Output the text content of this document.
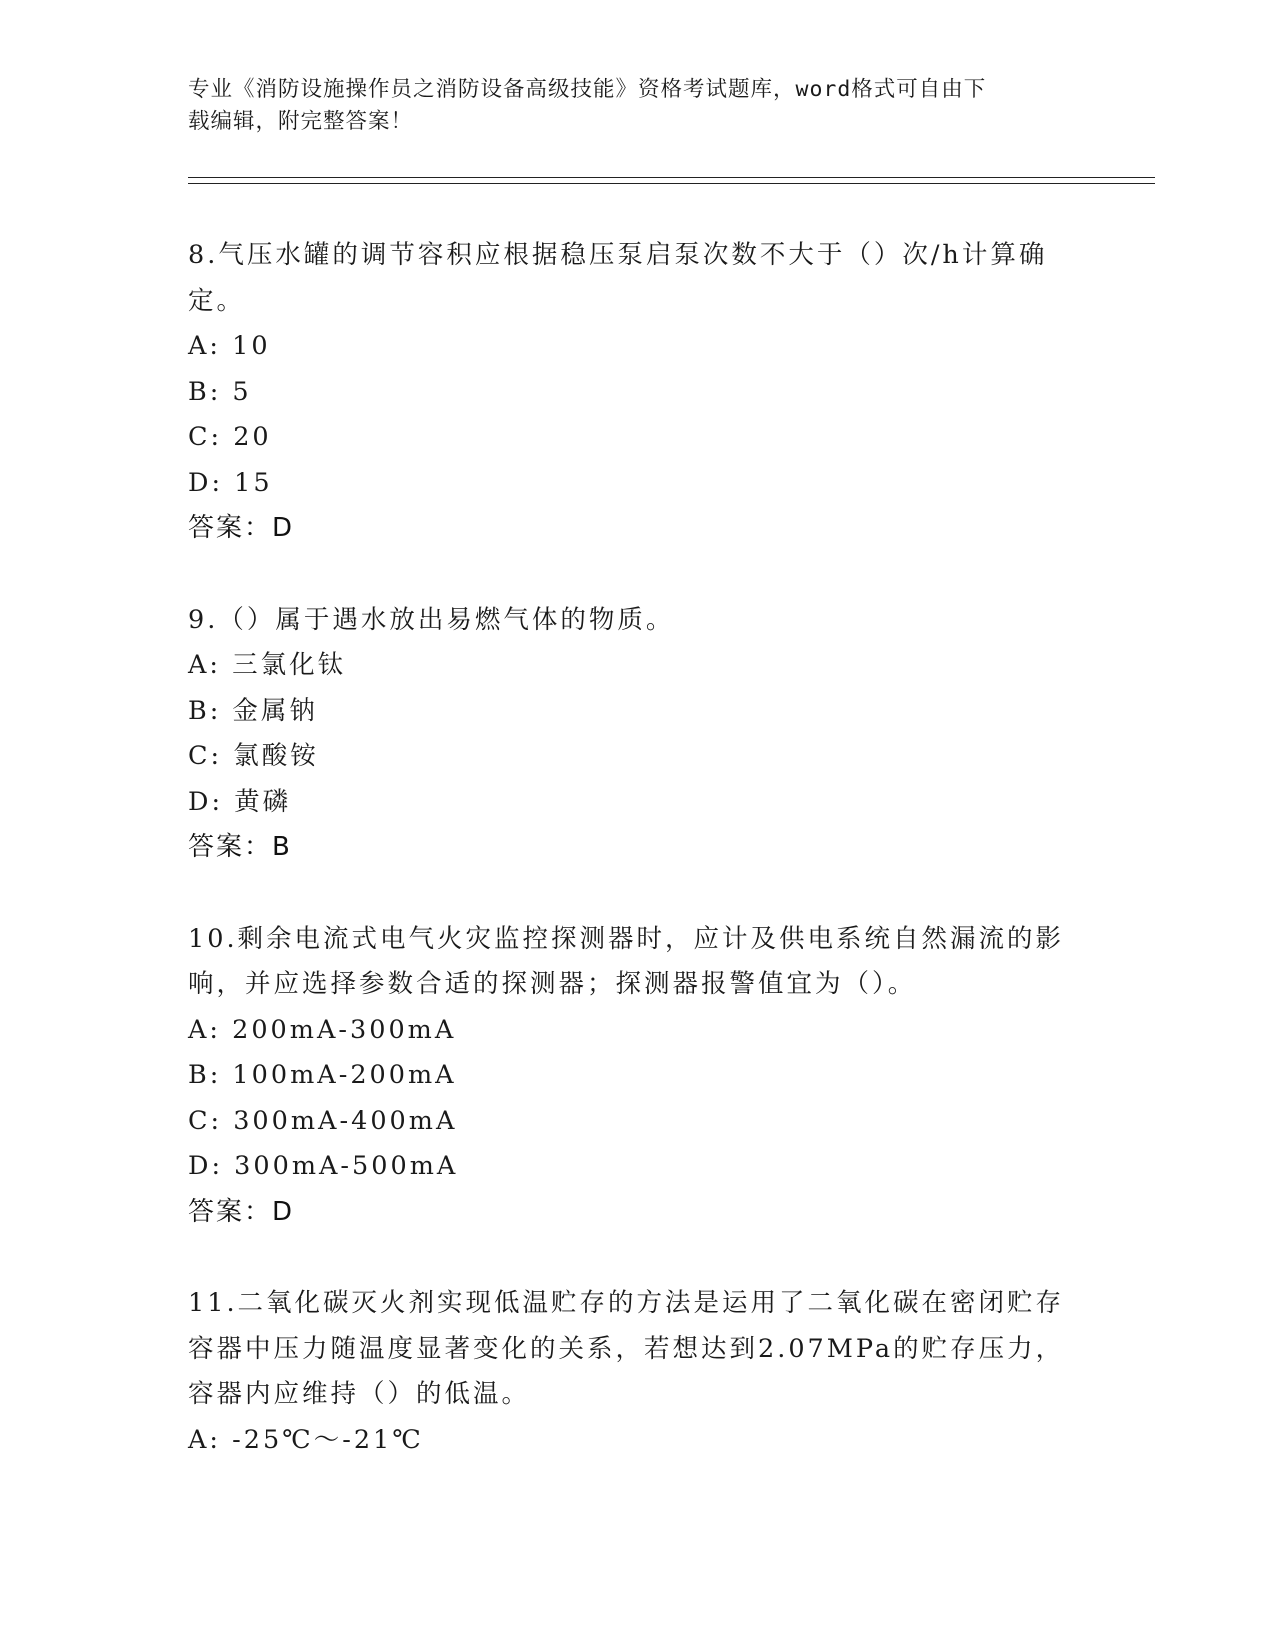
专业《消防设施操作员之消防设备高级技能》资格考试题库，word格式可自由下
载编辑，附完整答案！

8.气压水罐的调节容积应根据稳压泵启泵次数不大于（）次/h计算确

定。

A: 10

B: 5

C: 20

D: 15

答案：D

9.（）属于遇水放出易燃气体的物质。

A: 三氯化钛

B: 金属钠

C: 氯酸铵

D: 黄磷

答案：B

10.剩余电流式电气火灾监控探测器时，应计及供电系统自然漏流的影

响，并应选择参数合适的探测器；探测器报警值宜为（）。

A: 200mA-300mA

B: 100mA-200mA

C: 300mA-400mA

D: 300mA-500mA

答案：D

11.二氧化碳灭火剂实现低温贮存的方法是运用了二氧化碳在密闭贮存

容器中压力随温度显著变化的关系，若想达到2.07MPa的贮存压力，

容器内应维持（）的低温。

A: -25℃～-21℃
